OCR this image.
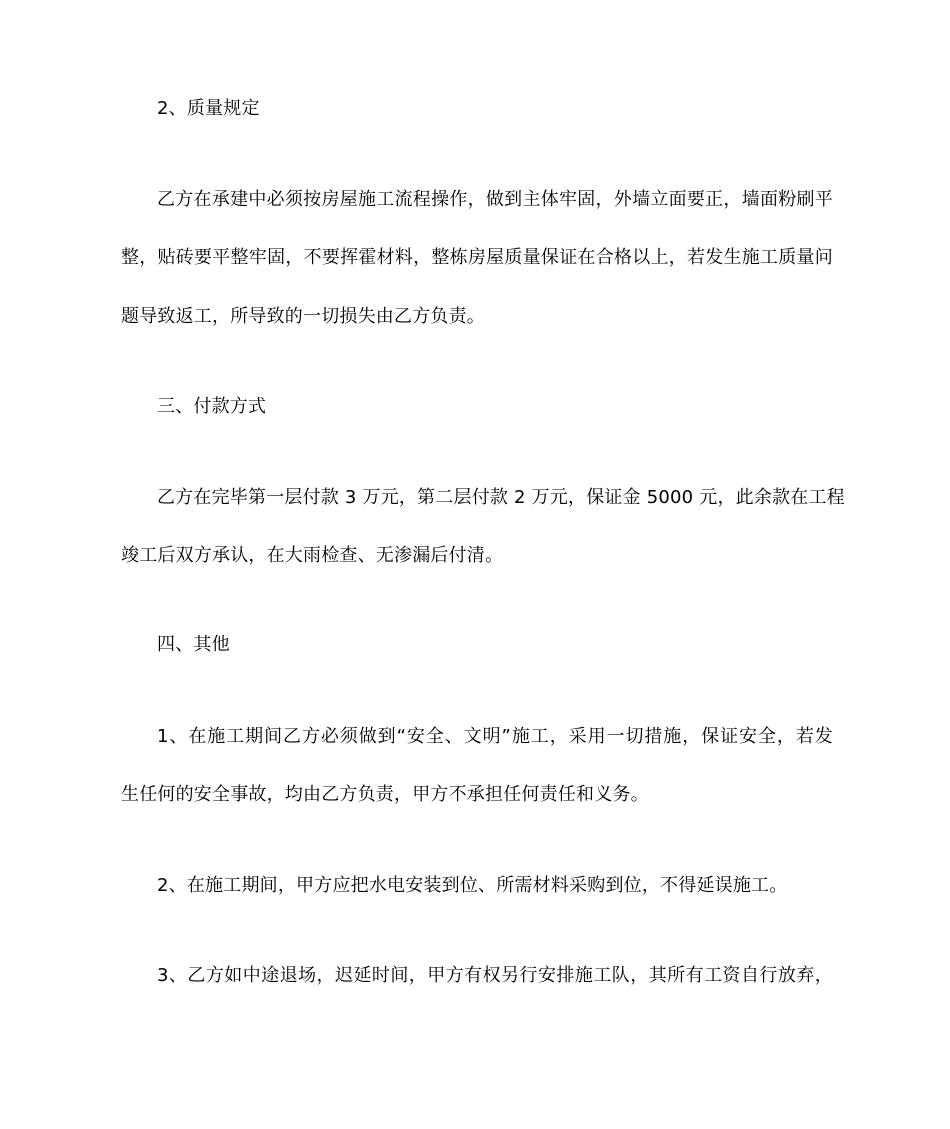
2、质量规定
乙方在承建中必须按房屋施工流程操作，做到主体牢固，外墙立面要正，墙面粉刷平
整，贴砖要平整牢固，不要挥霍材料，整栋房屋质量保证在合格以上，若发生施工质量问
题导致返工，所导致的一切损失由乙方负责。
三、付款方式
乙方在完毕第一层付款 3 万元，第二层付款 2 万元，保证金 5000 元，此余款在工程
竣工后双方承认，在大雨检查、无渗漏后付清。
四、其他
1、在施工期间乙方必须做到“安全、文明”施工，采用一切措施，保证安全，若发
生任何的安全事故，均由乙方负责，甲方不承担任何责任和义务。
2、在施工期间，甲方应把水电安装到位、所需材料采购到位，不得延误施工。
3、乙方如中途退场，迟延时间，甲方有权另行安排施工队，其所有工资自行放弃，
